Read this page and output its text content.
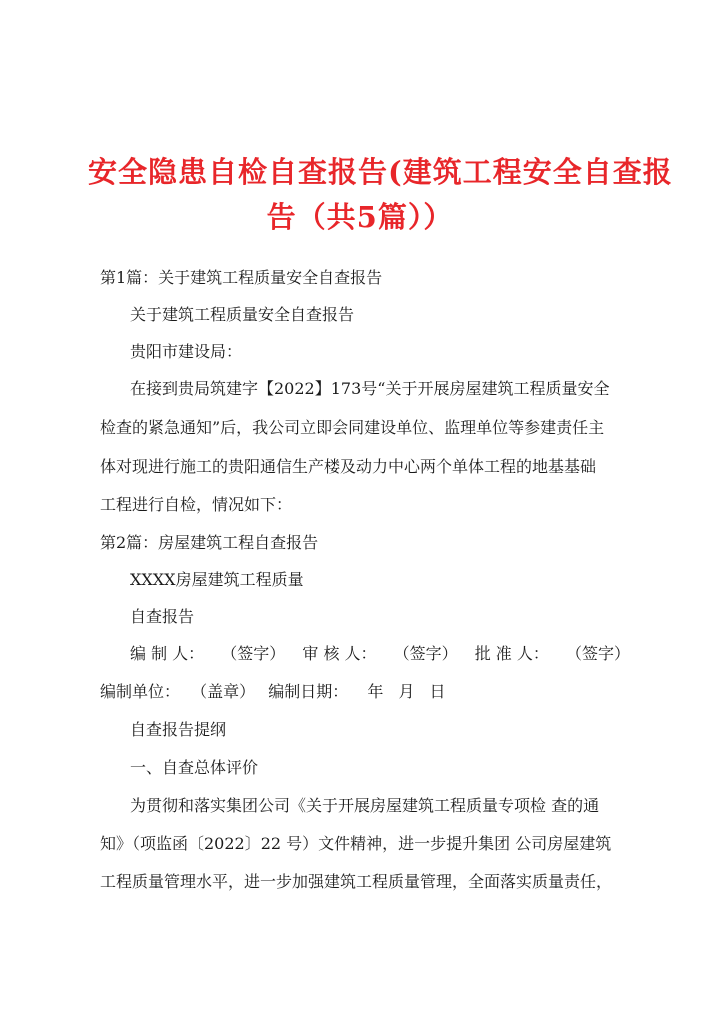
安全隐患自检自查报告(建筑工程安全自查报
告（共5篇））
第1篇：关于建筑工程质量安全自查报告
关于建筑工程质量安全自查报告
贵阳市建设局：
在接到贵局筑建字【2022】173号“关于开展房屋建筑工程质量安全
检查的紧急通知”后，我公司立即会同建设单位、监理单位等参建责任主
体对现进行施工的贵阳通信生产楼及动力中心两个单体工程的地基基础
工程进行自检，情况如下：
第2篇：房屋建筑工程自查报告
XXXX房屋建筑工程质量
自查报告
编 制 人： （签字） 审 核 人： （签字） 批 准 人： （签字）
编制单位： （盖章） 编制日期： 年 月 日
自查报告提纲
一、自查总体评价
为贯彻和落实集团公司《关于开展房屋建筑工程质量专项检 查的通
知》（项监函〔2022〕22 号）文件精神，进一步提升集团 公司房屋建筑
工程质量管理水平，进一步加强建筑工程质量管理，全面落实质量责任，
